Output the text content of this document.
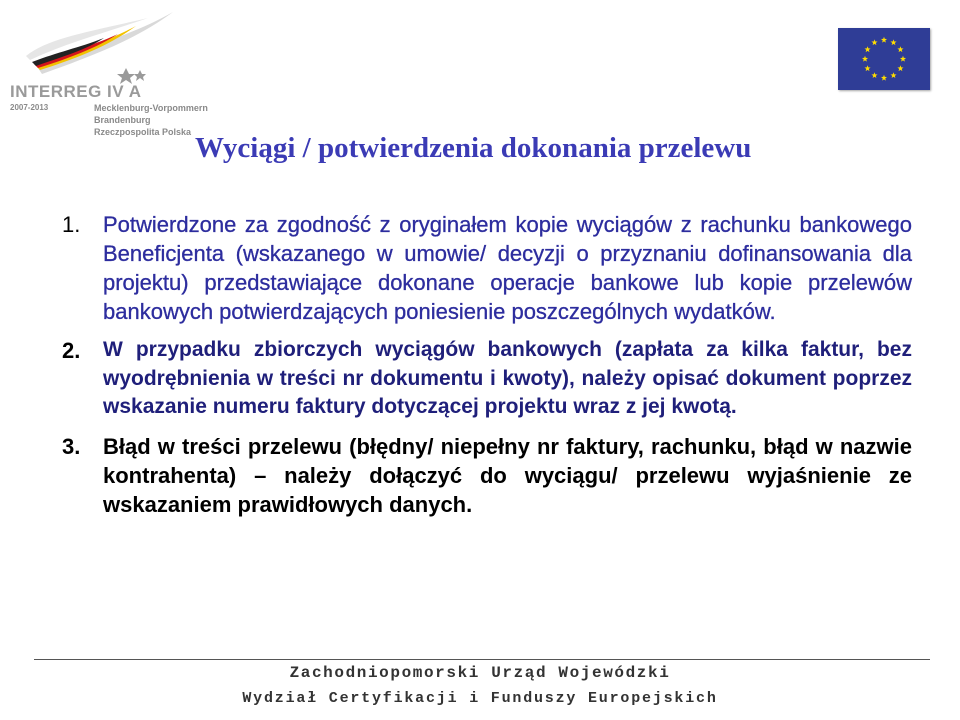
INTERREG IV A
2007-2013	Mecklenburg-Vorpommern
Brandenburg
Rzeczpospolita Polska Wyciągi / potwierdzenia dokonania przelewu
1. Potwierdzone za zgodność z oryginałem kopie wyciągów z rachunku bankowego Beneficjenta (wskazanego w umowie/ decyzji o przyznaniu dofinansowania dla projektu) przedstawiające dokonane operacje bankowe lub kopie przelewów bankowych potwierdzających poniesienie poszczególnych wydatków.
2. W przypadku zbiorczych wyciągów bankowych (zapłata za kilka faktur, bez wyodrębnienia w treści nr dokumentu i kwoty), należy opisać dokument poprzez wskazanie numeru faktury dotyczącej projektu wraz z jej kwotą.
3. Błąd w treści przelewu (błędny/ niepełny nr faktury, rachunku, błąd w nazwie kontrahenta) – należy dołączyć do wyciągu/ przelewu wyjaśnienie ze wskazaniem prawidłowych danych.
Zachodniopomorski Urząd Wojewódzki
Wydział Certyfikacji i Funduszy Europejskich
